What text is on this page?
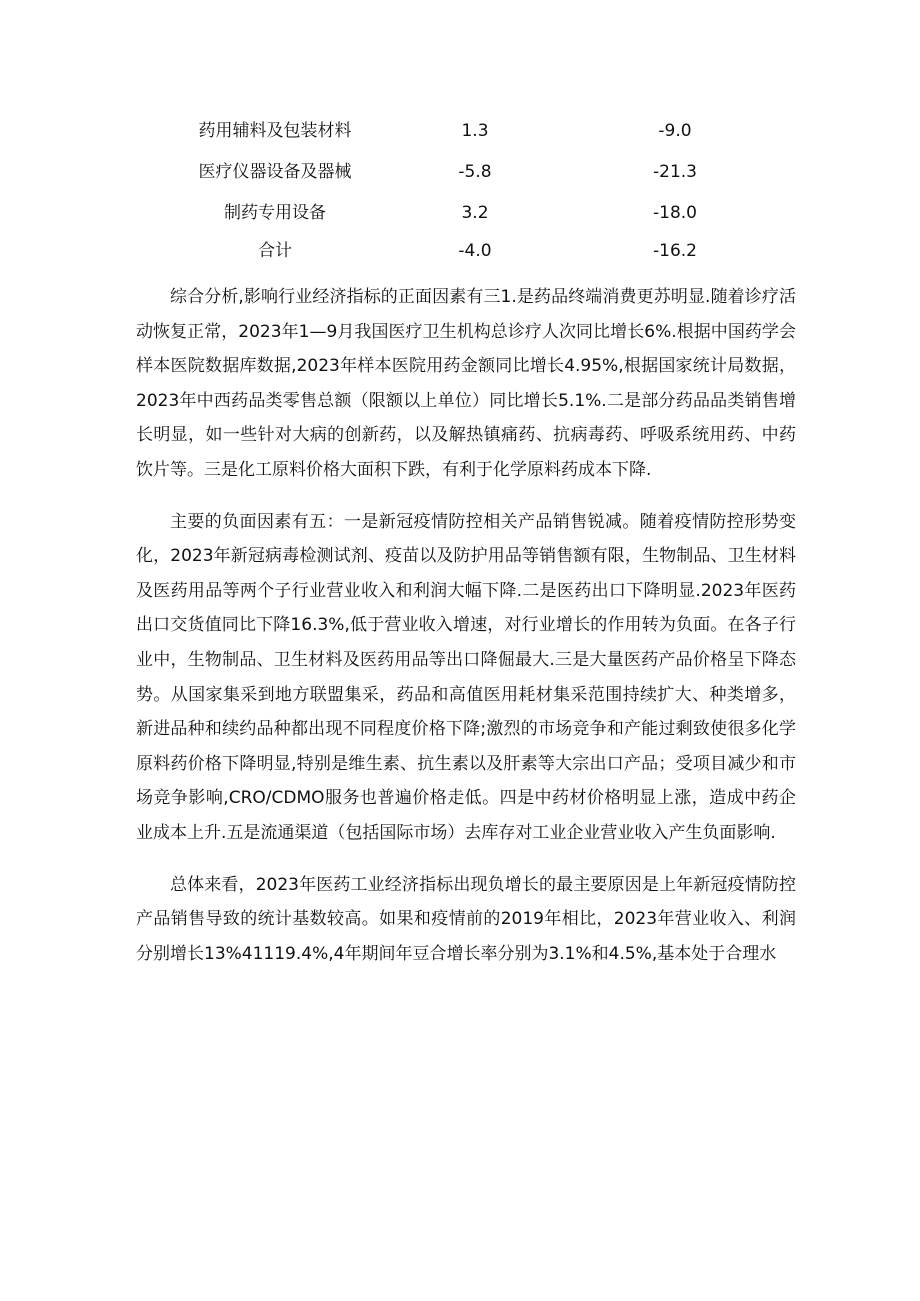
药用辅料及包装材料	1.3	-9.0
医疗仪器设备及器械	-5.8	-21.3
制药专用设备	3.2	-18.0
合计	-4.0	-16.2

综合分析,影响行业经济指标的正面因素有三1.是药品终端消费更苏明显.随着诊疗活动恢复正常，2023年1—9月我国医疗卫生机构总诊疗人次同比增长6%.根据中国药学会样本医院数据库数据,2023年样本医院用药金额同比增长4.95%,根据国家统计局数据，2023年中西药品类零售总额（限额以上单位）同比增长5.1%.二是部分药品品类销售增长明显，如一些针对大病的创新药，以及解热镇痛药、抗病毒药、呼吸系统用药、中药饮片等。三是化工原料价格大面积下跌，有利于化学原料药成本下降.

主要的负面因素有五：一是新冠疫情防控相关产品销售锐减。随着疫情防控形势变化，2023年新冠病毒检测试剂、疫苗以及防护用品等销售额有限，生物制品、卫生材料及医药用品等两个子行业营业收入和利润大幅下降.二是医药出口下降明显.2023年医药出口交货值同比下降16.3%,低于营业收入增速，对行业增长的作用转为负面。在各子行业中，生物制品、卫生材料及医药用品等出口降倔最大.三是大量医药产品价格呈下降态势。从国家集采到地方联盟集采，药品和高值医用耗材集采范围持续扩大、种类增多，新进品种和续约品种都出现不同程度价格下降;激烈的市场竞争和产能过剩致使很多化学原料药价格下降明显,特别是维生素、抗生素以及肝素等大宗出口产品；受项目减少和市场竞争影响,CRO/CDMO服务也普遍价格走低。四是中药材价格明显上涨，造成中药企业成本上升.五是流通渠道（包括国际市场）去库存对工业企业营业收入产生负面影响.

总体来看，2023年医药工业经济指标出现负增长的最主要原因是上年新冠疫情防控产品销售导致的统计基数较高。如果和疫情前的2019年相比，2023年营业收入、利润分别增长13%41119.4%,4年期间年豆合增长率分别为3.1%和4.5%,基本处于合理水
